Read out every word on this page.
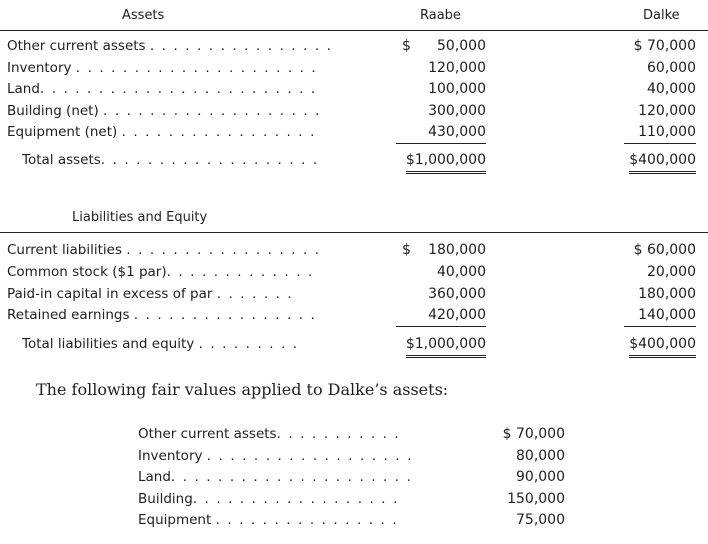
Assets	Raabe	Dalke
Other current assets . . . . . . . . . . . . . . . .	$ 50,000	$ 70,000
Inventory . . . . . . . . . . . . . . . . . . . . .	120,000	60,000
Land. . . . . . . . . . . . . . . . . . . . . . . .	100,000	40,000
Building (net) . . . . . . . . . . . . . . . . . . .	300,000	120,000
Equipment (net) . . . . . . . . . . . . . . . . .	430,000	110,000
Total assets. . . . . . . . . . . . . . . . . . .	$1,000,000	$400,000
Liabilities and Equity
Current liabilities . . . . . . . . . . . . . . . . .	$ 180,000	$ 60,000
Common stock ($1 par). . . . . . . . . . . . .	40,000	20,000
Paid-in capital in excess of par . . . . . . .	360,000	180,000
Retained earnings . . . . . . . . . . . . . . . .	420,000	140,000
Total liabilities and equity . . . . . . . . .	$1,000,000	$400,000
The following fair values applied to Dalke’s assets:
Other current assets. . . . . . . . . . .	$ 70,000
Inventory . . . . . . . . . . . . . . . . . .	80,000
Land. . . . . . . . . . . . . . . . . . . . .	90,000
Building. . . . . . . . . . . . . . . . . .	150,000
Equipment . . . . . . . . . . . . . . . .	75,000
